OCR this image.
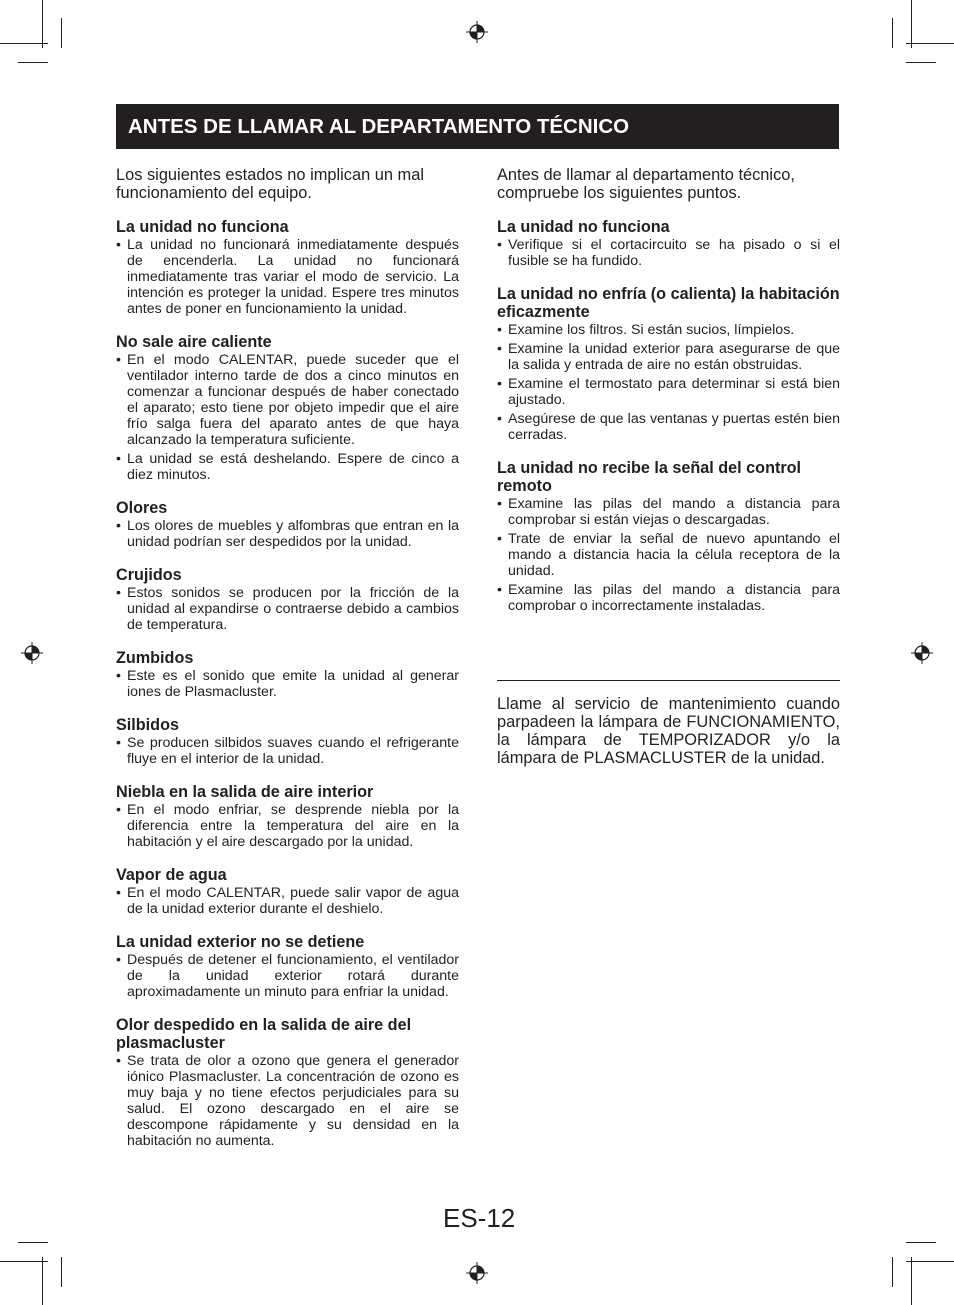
ANTES DE LLAMAR AL DEPARTAMENTO TÉCNICO

Los siguientes estados no implican un mal funcionamiento del equipo.

La unidad no funciona
• La unidad no funcionará inmediatamente después de encenderla. La unidad no funcionará inmediatamente tras variar el modo de servicio. La intención es proteger la unidad. Espere tres minutos antes de poner en funcionamiento la unidad.
No sale aire caliente
• En el modo CALENTAR, puede suceder que el ventilador interno tarde de dos a cinco minutos en comenzar a funcionar después de haber conectado el aparato; esto tiene por objeto impedir que el aire frío salga fuera del aparato antes de que haya alcanzado la temperatura suficiente.
• La unidad se está deshelando. Espere de cinco a diez minutos.
Olores
• Los olores de muebles y alfombras que entran en la unidad podrían ser despedidos por la unidad.
Crujidos
• Estos sonidos se producen por la fricción de la unidad al expandirse o contraerse debido a cambios de temperatura.
Zumbidos
• Este es el sonido que emite la unidad al generar iones de Plasmacluster.
Silbidos
• Se producen silbidos suaves cuando el refrigerante fluye en el interior de la unidad.
Niebla en la salida de aire interior
• En el modo enfriar, se desprende niebla por la diferencia entre la temperatura del aire en la habitación y el aire descargado por la unidad.
Vapor de agua
• En el modo CALENTAR, puede salir vapor de agua de la unidad exterior durante el deshielo.
La unidad exterior no se detiene
• Después de detener el funcionamiento, el ventilador de la unidad exterior rotará durante aproximadamente un minuto para enfriar la unidad.
Olor despedido en la salida de aire del plasmacluster
• Se trata de olor a ozono que genera el generador iónico Plasmacluster. La concentración de ozono es muy baja y no tiene efectos perjudiciales para su salud. El ozono descargado en el aire se descompone rápidamente y su densidad en la habitación no aumenta.

Antes de llamar al departamento técnico, compruebe los siguientes puntos.

La unidad no funciona
• Verifique si el cortacircuito se ha pisado o si el fusible se ha fundido.
La unidad no enfría (o calienta) la habitación eficazmente
• Examine los filtros. Si están sucios, límpielos.
• Examine la unidad exterior para asegurarse de que la salida y entrada de aire no están obstruidas.
• Examine el termostato para determinar si está bien ajustado.
• Asegúrese de que las ventanas y puertas estén bien cerradas.
La unidad no recibe la señal del control remoto
• Examine las pilas del mando a distancia para comprobar si están viejas o descargadas.
• Trate de enviar la señal de nuevo apuntando el mando a distancia hacia la célula receptora de la unidad.
• Examine las pilas del mando a distancia para comprobar o incorrectamente instaladas.

Llame al servicio de mantenimiento cuando parpadeen la lámpara de FUNCIONAMIENTO, la lámpara de TEMPORIZADOR y/o la lámpara de PLASMACLUSTER de la unidad.

ES-12
